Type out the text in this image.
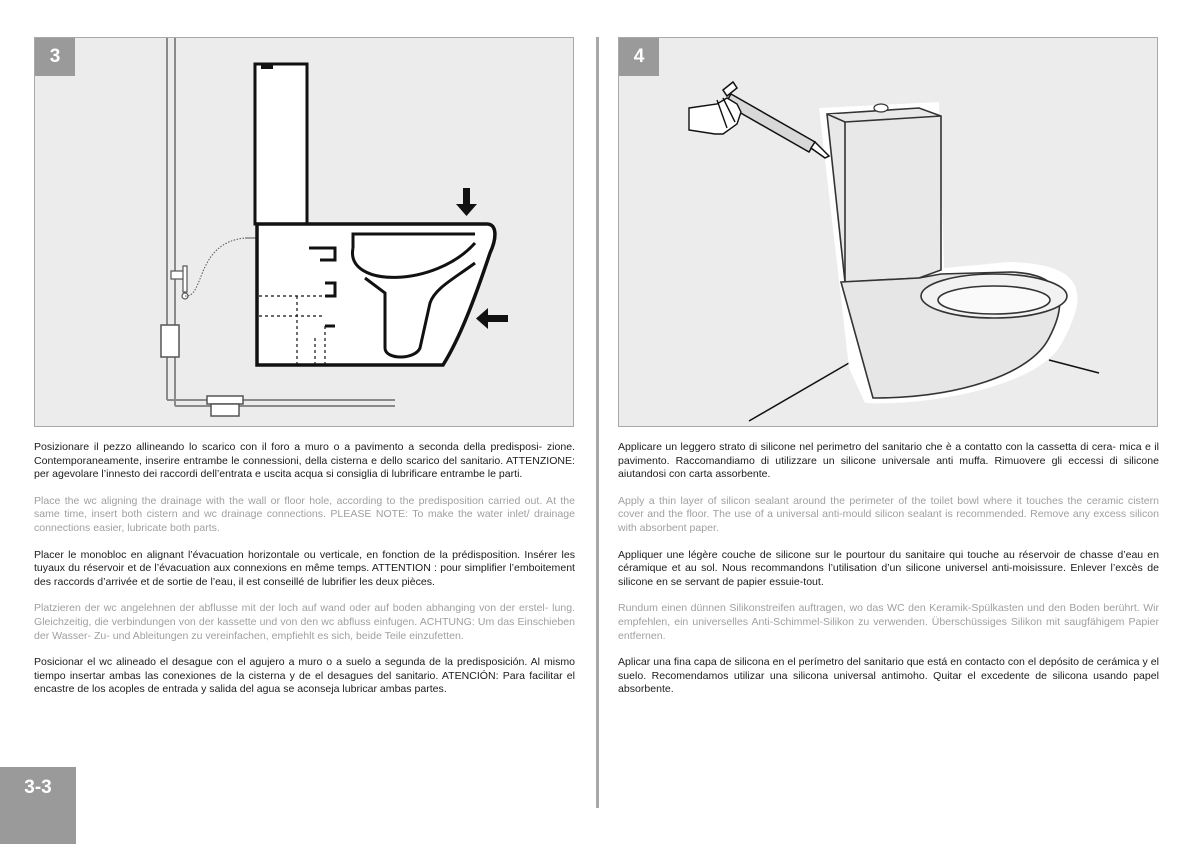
3	4

Posizionare il pezzo allineando lo scarico con il foro a muro o a pavimento a seconda della predisposi- zione. Contemporaneamente, inserire entrambe le connessioni, della cisterna e dello scarico del sanitario. ATTENZIONE: per agevolare l’innesto dei raccordi dell’entrata e uscita acqua si consiglia di lubrificare entrambe le parti.

Place the wc aligning the drainage with the wall or floor hole, according to the predisposition carried out. At the same time, insert both cistern and wc drainage connections. PLEASE NOTE: To make the water inlet/ drainage connections easier, lubricate both parts.

Placer le monobloc en alignant l’évacuation horizontale ou verticale, en fonction de la prédisposition. Insérer les tuyaux du réservoir et de l’évacuation aux connexions en même temps. ATTENTION : pour simplifier l’emboitement des raccords d’arrivée et de sortie de l’eau, il est conseillé de lubrifier les deux pièces.

Platzieren der wc angelehnen der abflusse mit der loch auf wand oder auf boden abhanging von der erstel- lung. Gleichzeitig, die verbindungen von der kassette und von den wc abfluss einfugen. ACHTUNG: Um das Einschieben der Wasser- Zu- und Ableitungen zu vereinfachen, empfiehlt es sich, beide Teile einzufetten.

Posicionar el wc alineado el desague con el agujero a muro o a suelo a segunda de la predisposición. Al mismo tiempo insertar ambas las conexiones de la cisterna y de el desagues del sanitario. ATENCIÓN: Para facilitar el encastre de los acoples de entrada y salida del agua se aconseja lubricar ambas partes.

Applicare un leggero strato di silicone nel perimetro del sanitario che è a contatto con la cassetta di cera- mica e il pavimento. Raccomandiamo di utilizzare un silicone universale anti muffa. Rimuovere gli eccessi di silicone aiutandosi con carta assorbente.

Apply a thin layer of silicon sealant around the perimeter of the toilet bowl where it touches the ceramic cistern cover and the floor. The use of a universal anti-mould silicon sealant is recommended. Remove any excess silicon with absorbent paper.

Appliquer une légère couche de silicone sur le pourtour du sanitaire qui touche au réservoir de chasse d’eau en céramique et au sol. Nous recommandons l’utilisation d’un silicone universel anti-moisissure. Enlever l’excès de silicone en se servant de papier essuie-tout.

Rundum einen dünnen Silikonstreifen auftragen, wo das WC den Keramik-Spülkasten und den Boden berührt. Wir empfehlen, ein universelles Anti-Schimmel-Silikon zu verwenden. Überschüssiges Silikon mit saugfähigem Papier entfernen.

Aplicar una fina capa de silicona en el perímetro del sanitario que está en contacto con el depósito de cerámica y el suelo. Recomendamos utilizar una silicona universal antimoho. Quitar el excedente de silicona usando papel absorbente.

3-3
